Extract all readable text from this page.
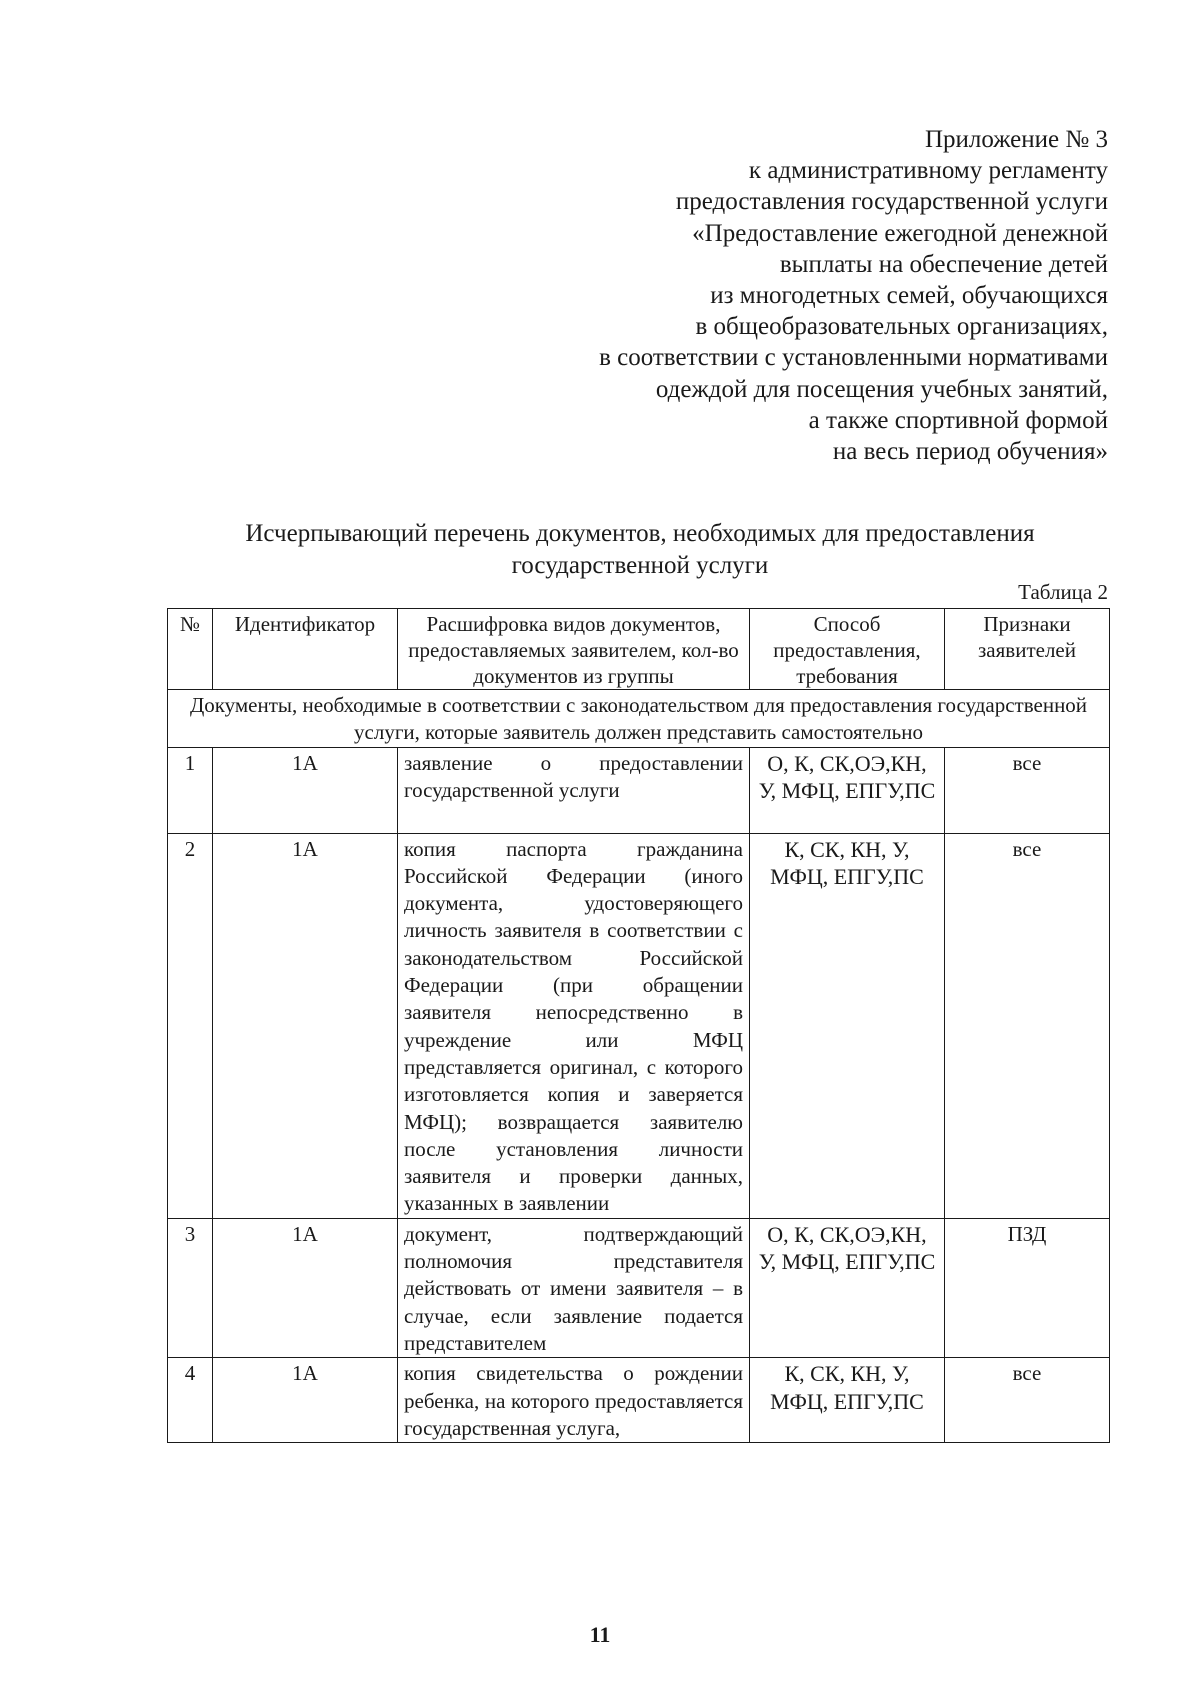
Приложение № 3
к административному регламенту
предоставления государственной услуги
«Предоставление ежегодной денежной
выплаты на обеспечение детей
из многодетных семей, обучающихся
в общеобразовательных организациях,
в соответствии с установленными нормативами
одеждой для посещения учебных занятий,
а также спортивной формой
на весь период обучения»
Исчерпывающий перечень документов, необходимых для предоставления
государственной услуги
Таблица 2
№	Идентификатор	Расшифровка видов документов, предоставляемых заявителем, кол-во документов из группы	Способ предоставления, требования	Признаки заявителей
Документы, необходимые в соответствии с законодательством для предоставления государственной услуги, которые заявитель должен представить самостоятельно				
1	1А	заявление о предоставлении государственной услуги	О, К, СК,ОЭ,КН, У, МФЦ, ЕПГУ,ПС	все
2	1А	копия паспорта гражданина Российской Федерации (иного документа, удостоверяющего личность заявителя в соответствии с законодательством Российской Федерации (при обращении заявителя непосредственно в учреждение или МФЦ представляется оригинал, с которого изготовляется копия и заверяется МФЦ); возвращается заявителю после установления личности заявителя и проверки данных, указанных в заявлении	К, СК, КН, У, МФЦ, ЕПГУ,ПС	все
3	1А	документ, подтверждающий полномочия представителя действовать от имени заявителя – в случае, если заявление подается представителем	О, К, СК,ОЭ,КН, У, МФЦ, ЕПГУ,ПС	ПЗД
4	1А	копия свидетельства о рождении ребенка, на которого предоставляется государственная услуга,	К, СК, КН, У, МФЦ, ЕПГУ,ПС	все
11
